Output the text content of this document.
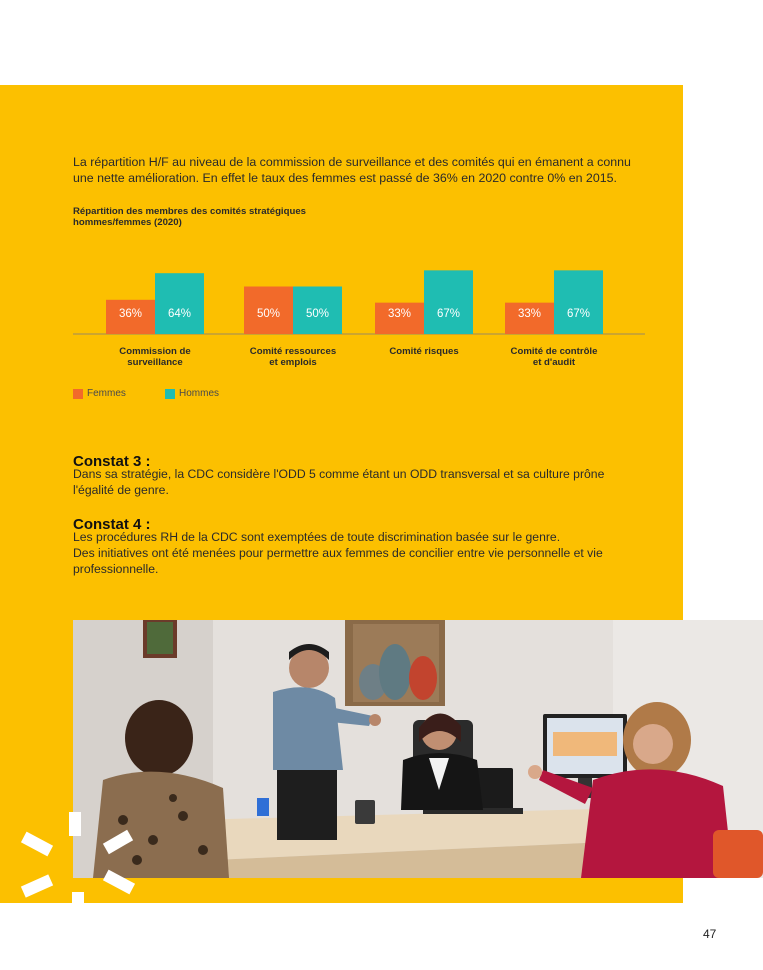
La répartition H/F au niveau de la commission de surveillance et des comités qui en émanent a connu une nette amélioration. En effet le taux des femmes est passé de 36% en 2020 contre 0% en 2015.

Répartition des membres des comités stratégiques
hommes/femmes (2020)
36% 64%
Commission de
surveillance
50% 50%
Comité ressources
et emplois
33% 67%
Comité risques
33% 67%
Comité de contrôle
et d'audit
Femmes	Hommes
Constat 3 :

Dans sa stratégie, la CDC considère l'ODD 5 comme étant un ODD transversal et sa culture prône l'égalité de genre.

Constat 4 :

Les procédures RH de la CDC sont exemptées de toute discrimination basée sur le genre.

Des initiatives ont été menées pour permettre aux femmes de concilier entre vie personnelle et vie professionnelle.

47
